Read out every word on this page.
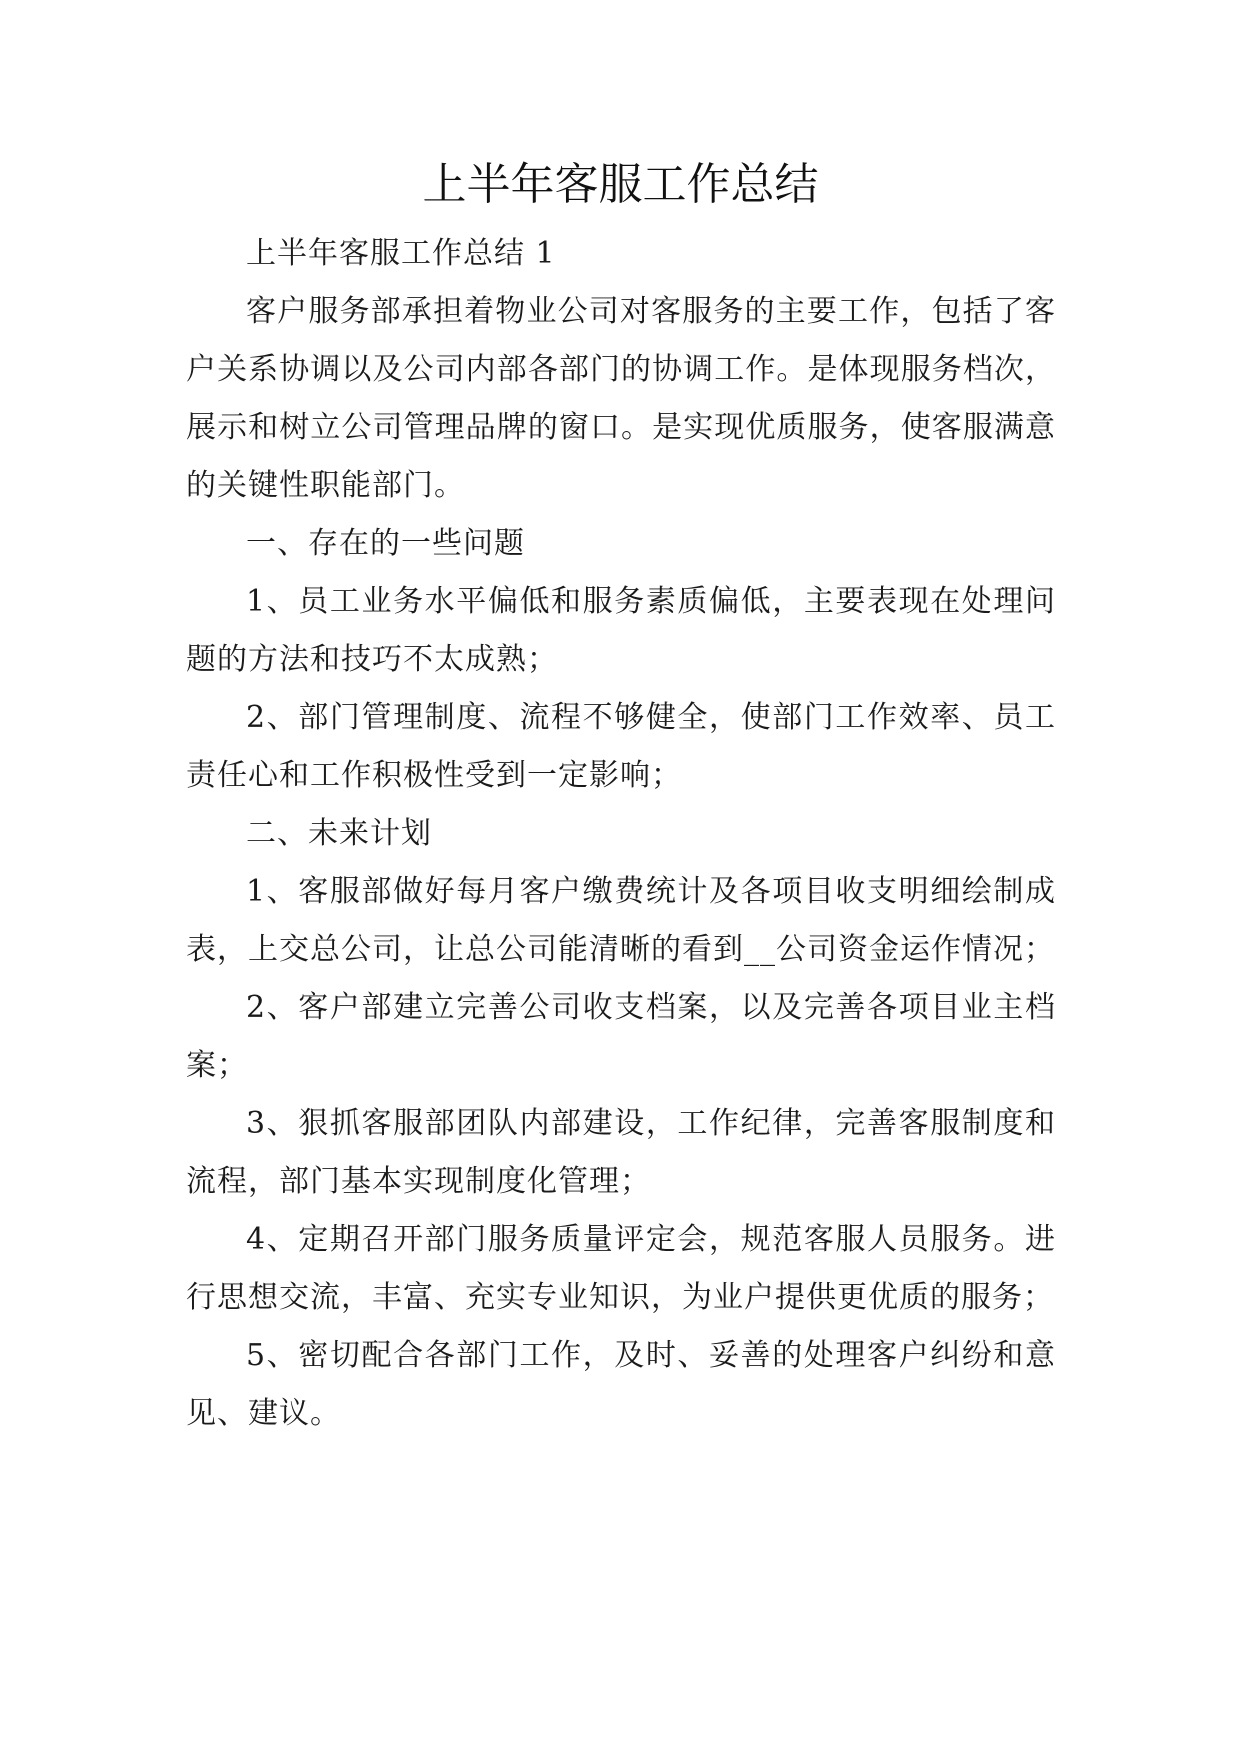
上半年客服工作总结

上半年客服工作总结 1

客户服务部承担着物业公司对客服务的主要工作，包括了客户关系协调以及公司内部各部门的协调工作。是体现服务档次，展示和树立公司管理品牌的窗口。是实现优质服务，使客服满意的关键性职能部门。

一、存在的一些问题

1、员工业务水平偏低和服务素质偏低，主要表现在处理问题的方法和技巧不太成熟；

2、部门管理制度、流程不够健全，使部门工作效率、员工责任心和工作积极性受到一定影响；

二、未来计划

1、客服部做好每月客户缴费统计及各项目收支明细绘制成表，上交总公司，让总公司能清晰的看到__公司资金运作情况；

2、客户部建立完善公司收支档案，以及完善各项目业主档案；

3、狠抓客服部团队内部建设，工作纪律，完善客服制度和流程，部门基本实现制度化管理；

4、定期召开部门服务质量评定会，规范客服人员服务。进行思想交流，丰富、充实专业知识，为业户提供更优质的服务；

5、密切配合各部门工作，及时、妥善的处理客户纠纷和意见、建议。
